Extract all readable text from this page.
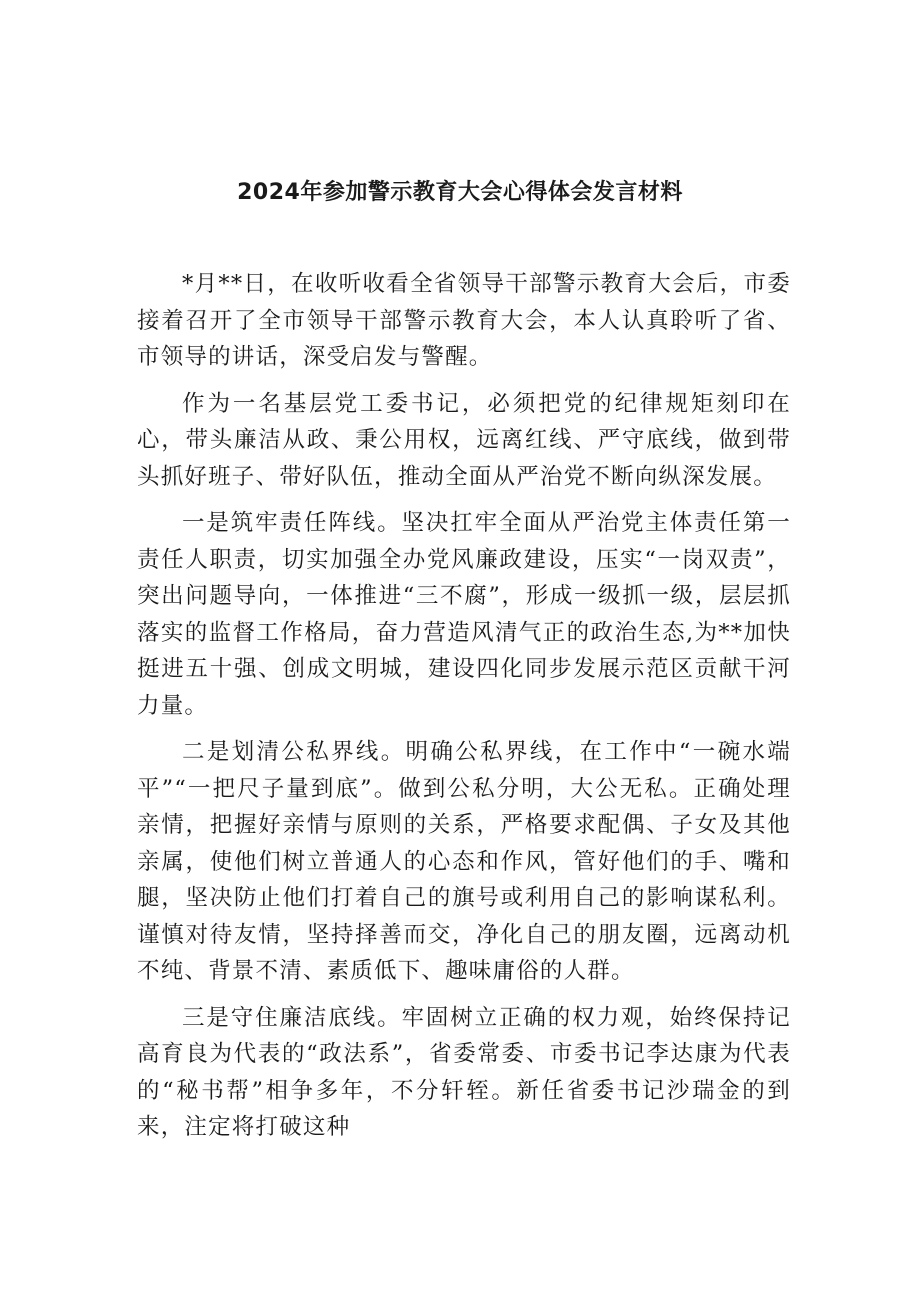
2024年参加警示教育大会心得体会发言材料

*月**日，在收听收看全省领导干部警示教育大会后，市委接着召开了全市领导干部警示教育大会，本人认真聆听了省、市领导的讲话，深受启发与警醒。

作为一名基层党工委书记，必须把党的纪律规矩刻印在心，带头廉洁从政、秉公用权，远离红线、严守底线，做到带头抓好班子、带好队伍，推动全面从严治党不断向纵深发展。

一是筑牢责任阵线。坚决扛牢全面从严治党主体责任第一责任人职责，切实加强全办党风廉政建设，压实“一岗双责”，突出问题导向，一体推进“三不腐”，形成一级抓一级，层层抓落实的监督工作格局，奋力营造风清气正的政治生态,为**加快挺进五十强、创成文明城，建设四化同步发展示范区贡献干河力量。

二是划清公私界线。明确公私界线，在工作中“一碗水端平”“一把尺子量到底”。做到公私分明，大公无私。正确处理亲情，把握好亲情与原则的关系，严格要求配偶、子女及其他亲属，使他们树立普通人的心态和作风，管好他们的手、嘴和腿，坚决防止他们打着自己的旗号或利用自己的影响谋私利。谨慎对待友情，坚持择善而交，净化自己的朋友圈，远离动机不纯、背景不清、素质低下、趣味庸俗的人群。

三是守住廉洁底线。牢固树立正确的权力观，始终保持记高育良为代表的“政法系”，省委常委、市委书记李达康为代表的“秘书帮”相争多年，不分轩轾。新任省委书记沙瑞金的到来，注定将打破这种
